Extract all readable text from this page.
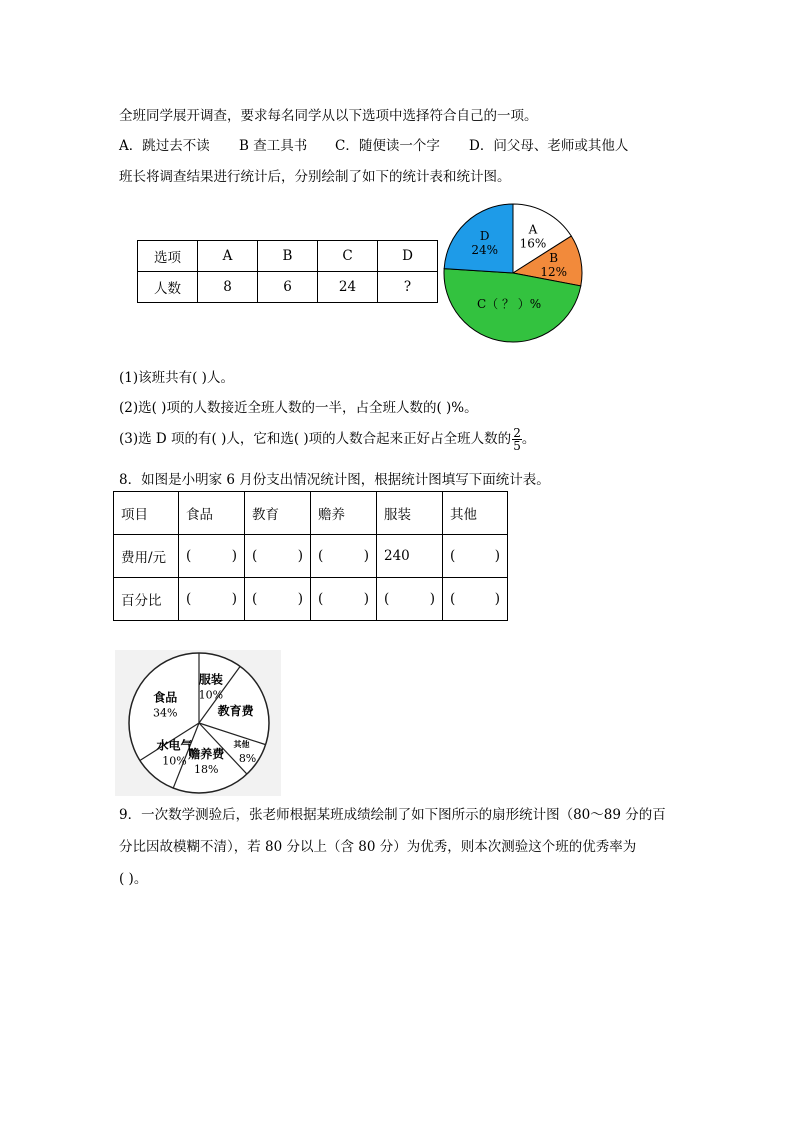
全班同学展开调查，要求每名同学从以下选项中选择符合自己的一项。
A．跳过去不读 B 查工具书 C．随便读一个字 D．问父母、老师或其他人
班长将调查结果进行统计后，分别绘制了如下的统计表和统计图。
选项	A	B	C	D
人数	8	6	24	?
A
16%
B
12%
C（ ？ ）%
D
24%
(1)该班共有( )人。
(2)选( )项的人数接近全班人数的一半，占全班人数的( )%。
(3)选 D 项的有( )人，它和选( )项的人数合起来正好占全班人数的 $\frac{2}{5}$ 。
8．如图是小明家 6 月份支出情况统计图，根据统计图填写下面统计表。
项目	食品	教育	赡养	服装	其他
费用/元	( )	( )	( )	240	( )

百分比	( )	( )	( )	( )	( )
服装
10%
教育费
其他
8%
赡养费
18%
水电气
10%
食品
34%
9．一次数学测验后，张老师根据某班成绩绘制了如下图所示的扇形统计图（80～89 分的百
分比因故模糊不清），若 80 分以上（含 80 分）为优秀，则本次测验这个班的优秀率为
( )。
